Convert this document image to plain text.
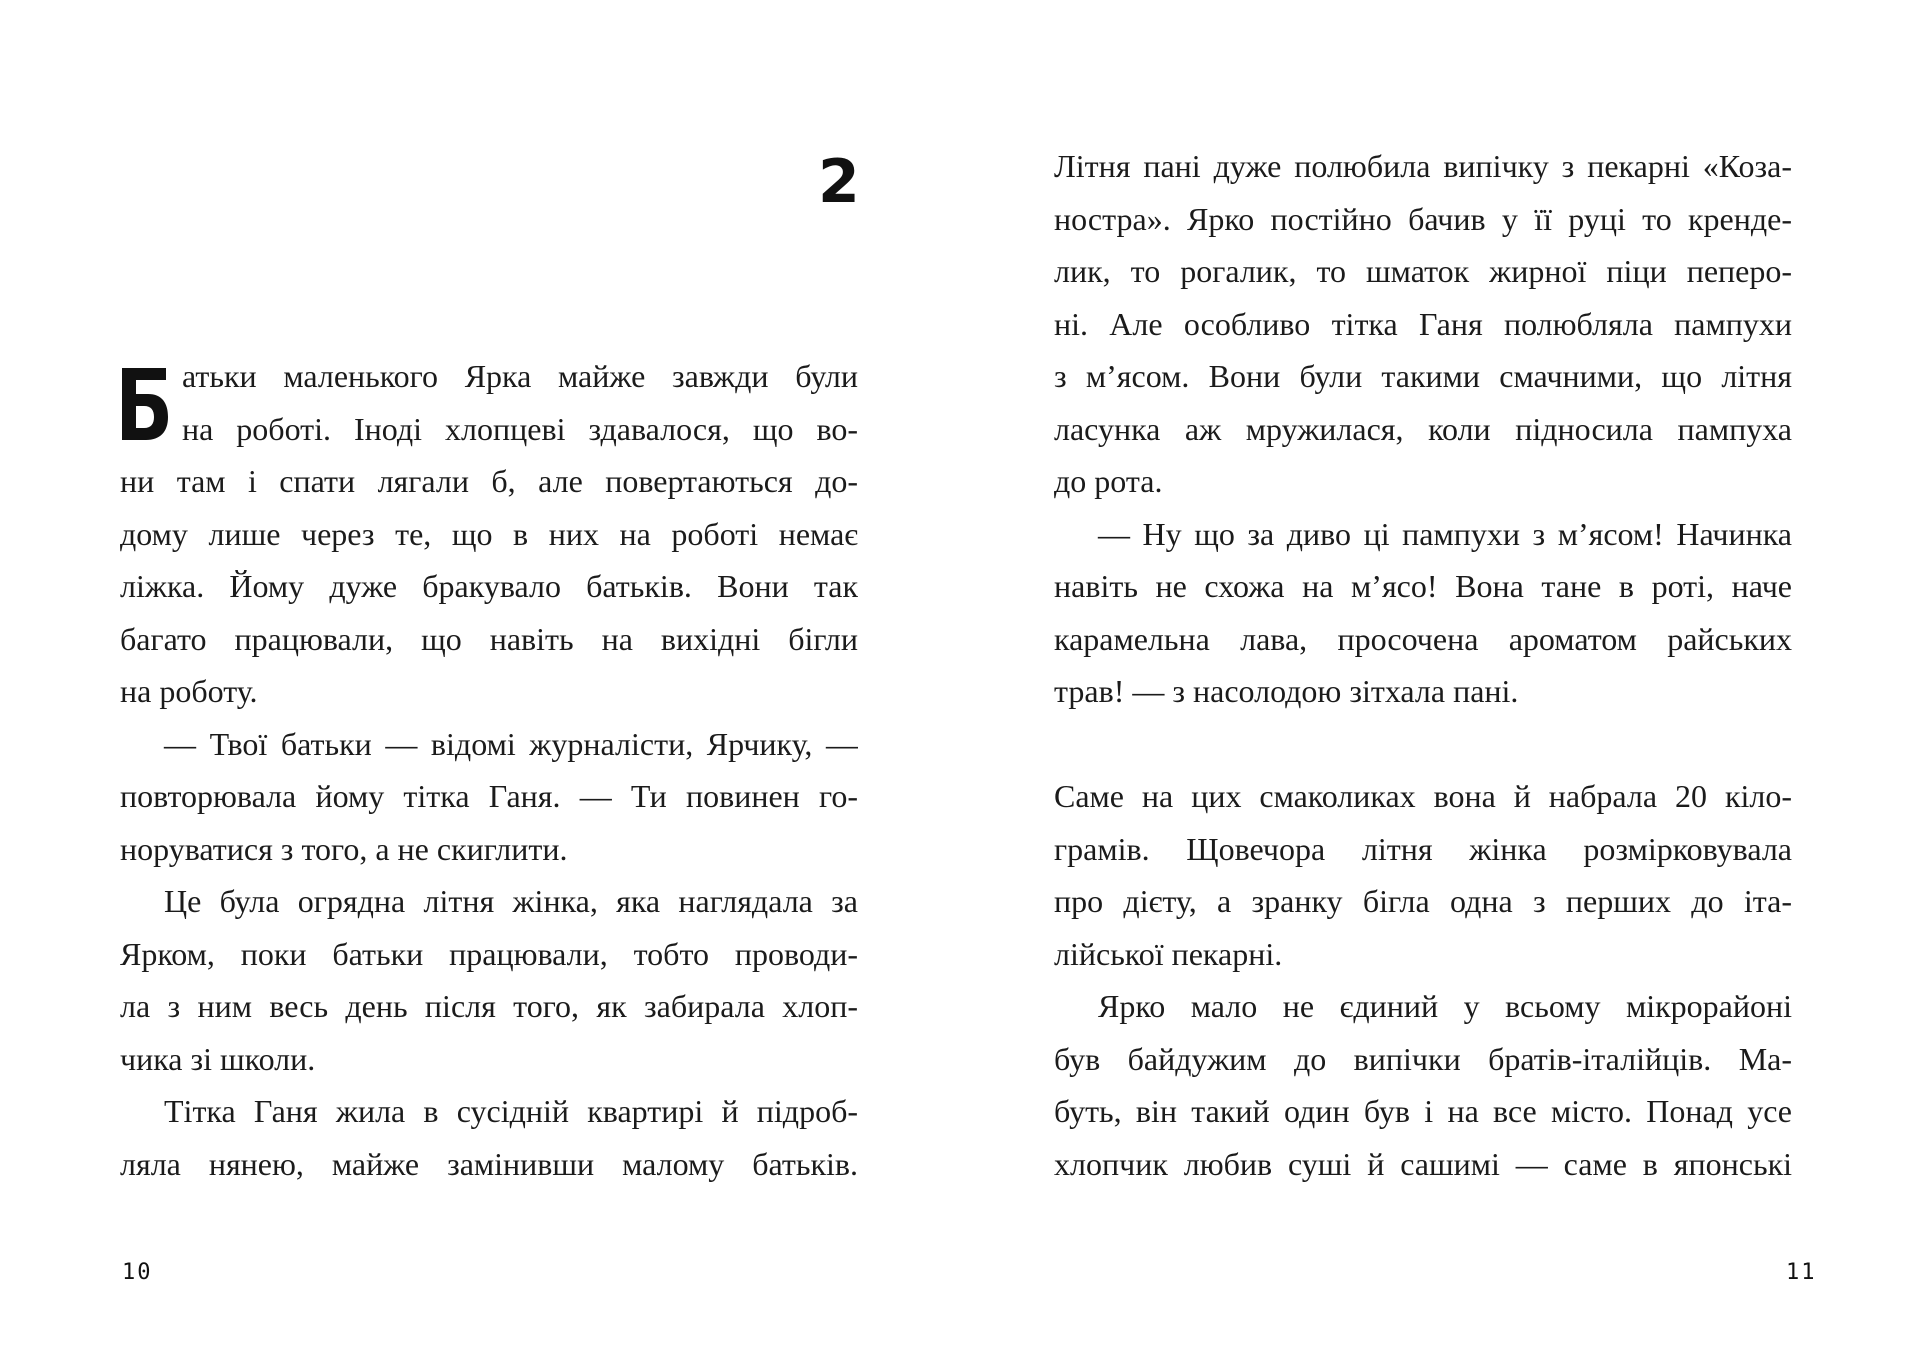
2
атьки маленького Ярка майже завжди були
на роботі. Іноді хлопцеві здавалося, що во-
ни там і спати лягали б, але повертаються до-
дому лише через те, що в них на роботі немає
ліжка. Йому дуже бракувало батьків. Вони так
багато працювали, що навіть на вихідні бігли
на роботу.
— Твої батьки — відомі журналісти, Ярчику, —
повторювала йому тітка Ганя. — Ти повинен го-
норуватися з того, а не скиглити.
Це була огрядна літня жінка, яка наглядала за
Ярком, поки батьки працювали, тобто проводи-
ла з ним весь день після того, як забирала хлоп-
чика зі школи.
Тітка Ганя жила в сусідній квартирі й підроб-
ляла нянею, майже замінивши малому батьків.
10
Літня пані дуже полюбила випічку з пекарні «Коза-
ностра». Ярко постійно бачив у її руці то кренде-
лик, то рогалик, то шматок жирної піци пеперо-
ні. Але особливо тітка Ганя полюбляла пампухи
з м’ясом. Вони були такими смачними, що літня
ласунка аж мружилася, коли підносила пампуха
до рота.
— Ну що за диво ці пампухи з м’ясом! Начинка
навіть не схожа на м’ясо! Вона тане в роті, наче
карамельна лава, просочена ароматом райських
трав! — з насолодою зітхала пані.
Саме на цих смаколиках вона й набрала 20 кіло-
грамів. Щовечора літня жінка розмірковувала
про дієту, а зранку бігла одна з перших до іта-
лійської пекарні.
Ярко мало не єдиний у всьому мікрорайоні
був байдужим до випічки братів-італійців. Ма-
буть, він такий один був і на все місто. Понад усе
хлопчик любив суші й сашимі — саме в японські
11
